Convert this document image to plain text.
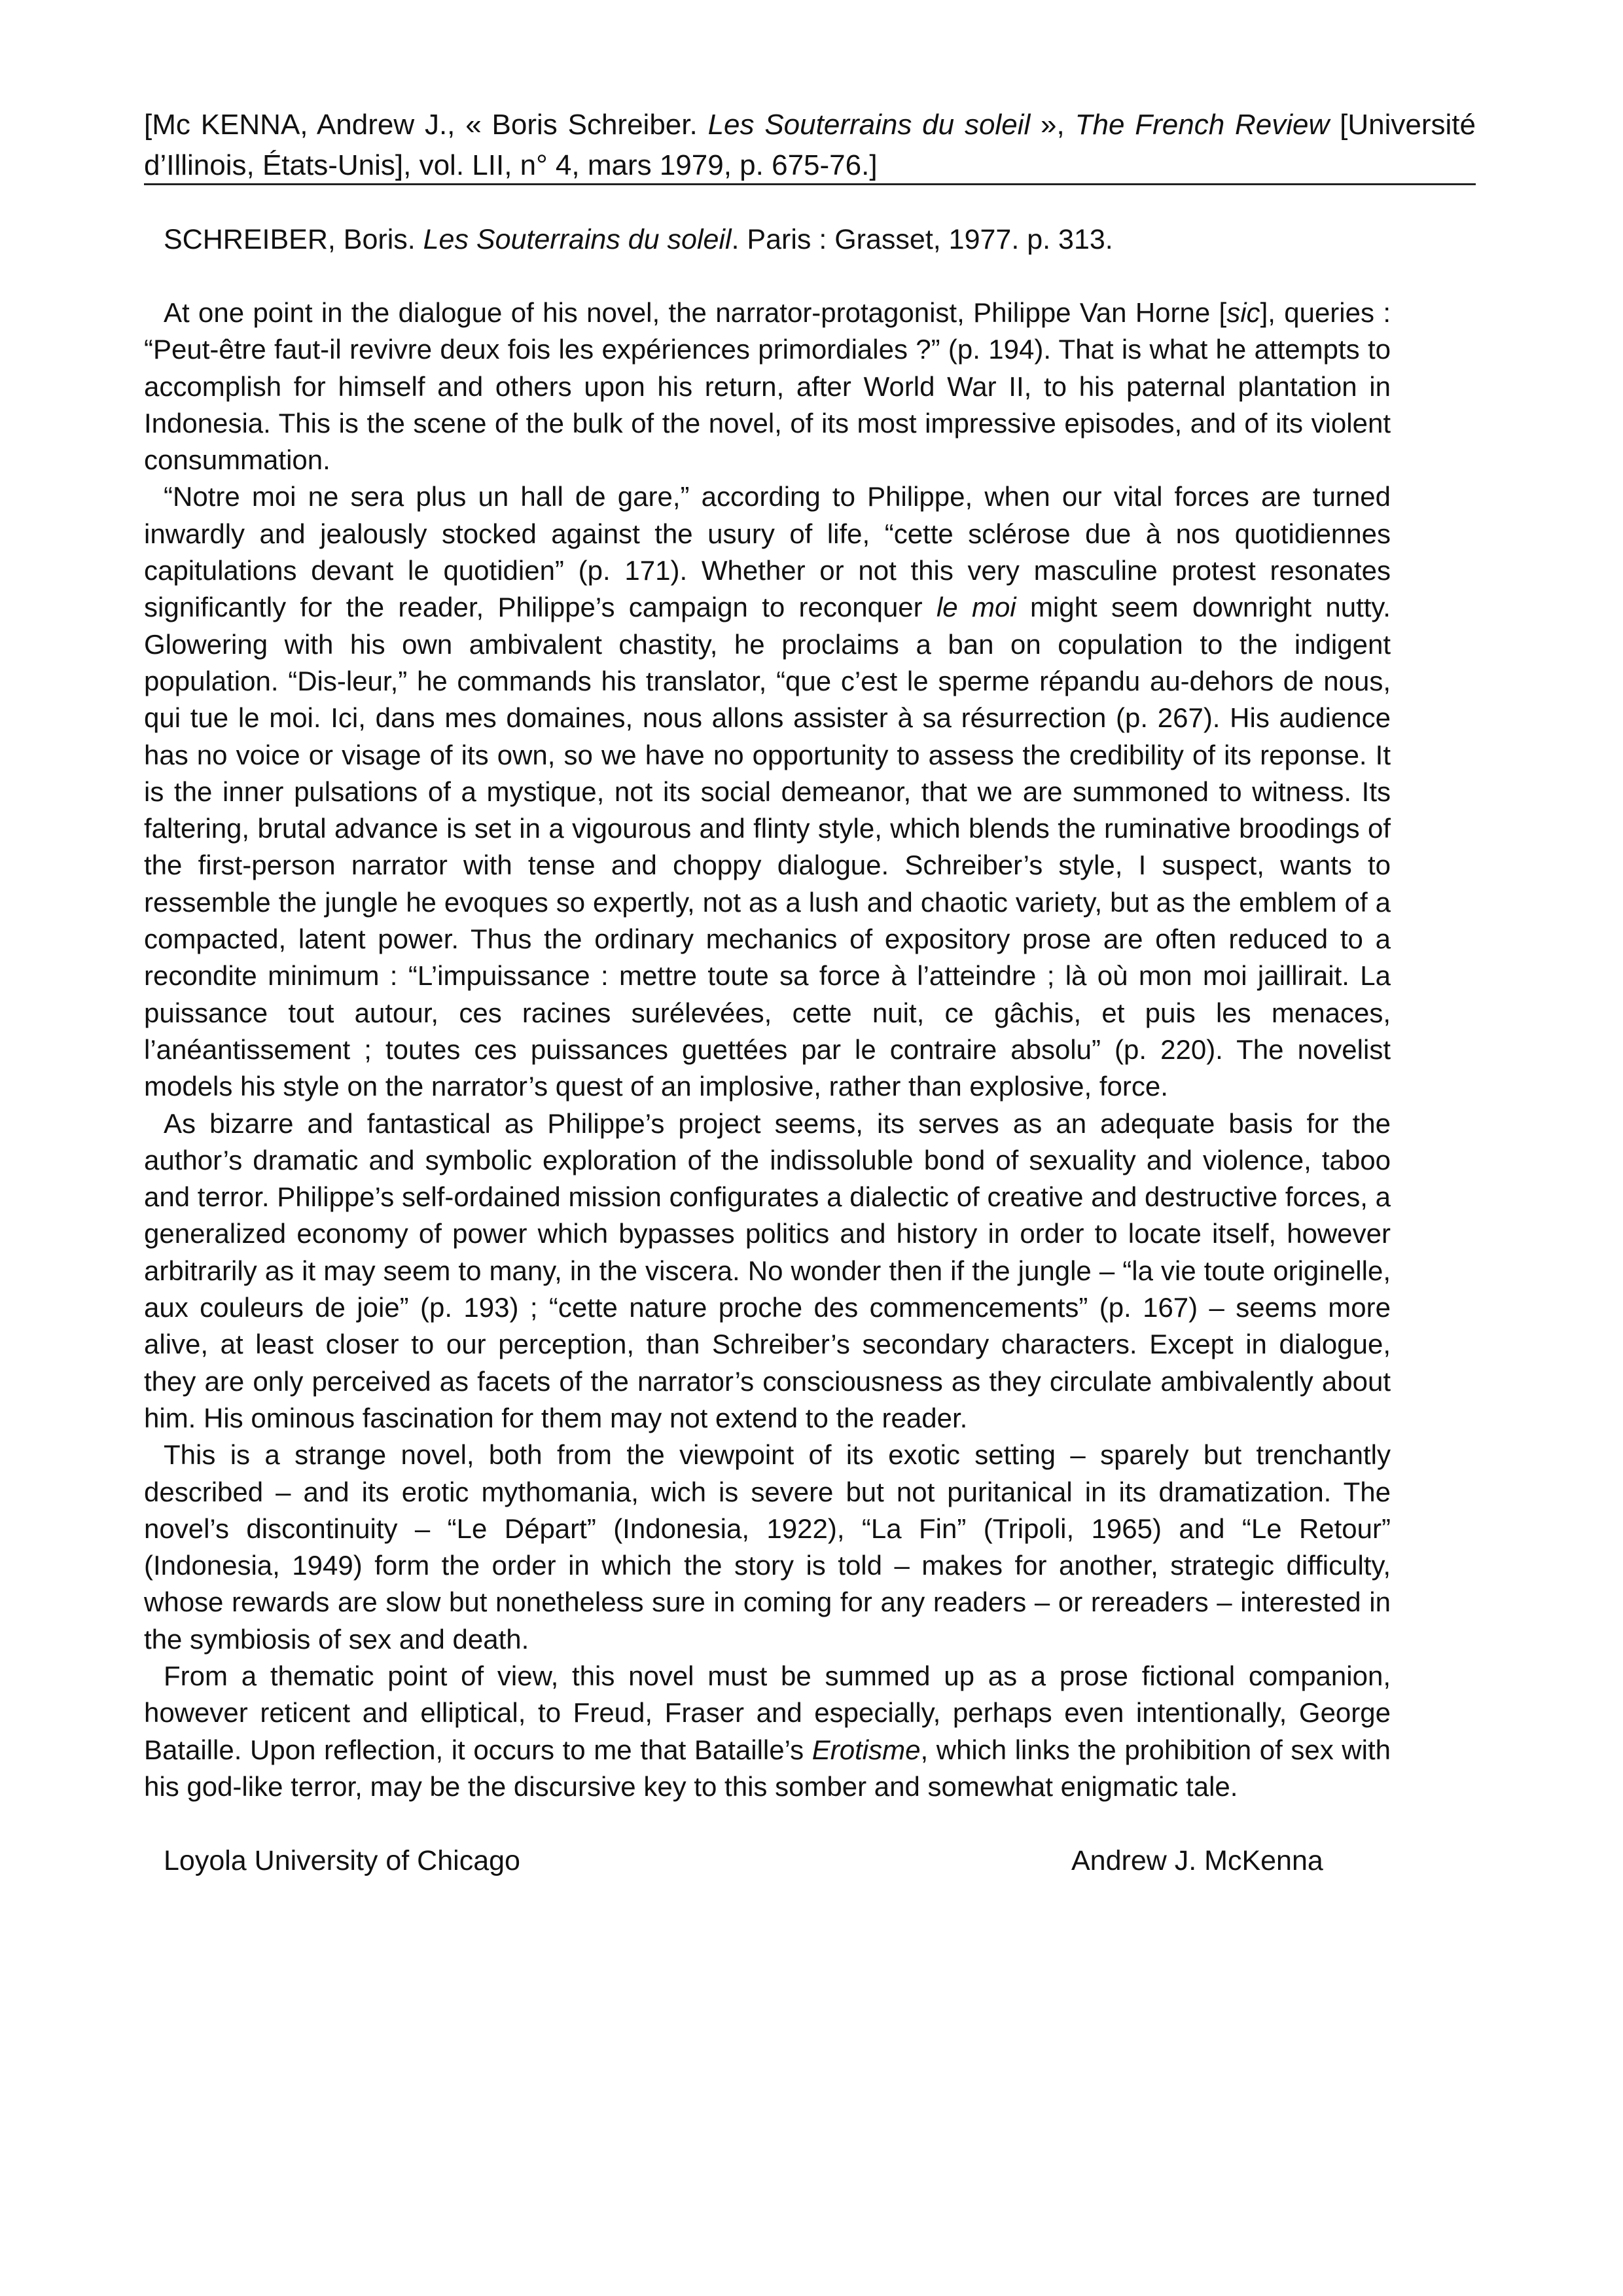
[Mc KENNA, Andrew J., « Boris Schreiber. Les Souterrains du soleil », The French Review [Université d’Illinois, États-Unis], vol. LII, n° 4, mars 1979, p. 675-76.]
SCHREIBER, Boris. Les Souterrains du soleil. Paris : Grasset, 1977. p. 313.

At one point in the dialogue of his novel, the narrator-protagonist, Philippe Van Horne [sic], queries : “Peut-être faut-il revivre deux fois les expériences primordiales ?” (p. 194). That is what he attempts to accomplish for himself and others upon his return, after World War II, to his paternal plantation in Indonesia. This is the scene of the bulk of the novel, of its most impressive episodes, and of its violent consummation.

“Notre moi ne sera plus un hall de gare,” according to Philippe, when our vital forces are turned inwardly and jealously stocked against the usury of life, “cette sclérose due à nos quotidiennes capitulations devant le quotidien” (p. 171). Whether or not this very masculine protest resonates significantly for the reader, Philippe’s campaign to reconquer le moi might seem downright nutty. Glowering with his own ambivalent chastity, he proclaims a ban on copulation to the indigent population. “Dis-leur,” he commands his translator, “que c’est le sperme répandu au-dehors de nous, qui tue le moi. Ici, dans mes domaines, nous allons assister à sa résurrection (p. 267). His audience has no voice or visage of its own, so we have no opportunity to assess the credibility of its reponse. It is the inner pulsations of a mystique, not its social demeanor, that we are summoned to witness. Its faltering, brutal advance is set in a vigourous and flinty style, which blends the ruminative broodings of the first-person narrator with tense and choppy dialogue. Schreiber’s style, I suspect, wants to ressemble the jungle he evoques so expertly, not as a lush and chaotic variety, but as the emblem of a compacted, latent power. Thus the ordinary mechanics of expository prose are often reduced to a recondite minimum : “L’impuissance : mettre toute sa force à l’atteindre ; là où mon moi jaillirait. La puissance tout autour, ces racines surélevées, cette nuit, ce gâchis, et puis les menaces, l’anéantissement ; toutes ces puissances guettées par le contraire absolu” (p. 220). The novelist models his style on the narrator’s quest of an implosive, rather than explosive, force.

As bizarre and fantastical as Philippe’s project seems, its serves as an adequate basis for the author’s dramatic and symbolic exploration of the indissoluble bond of sexuality and violence, taboo and terror. Philippe’s self-ordained mission configurates a dialectic of creative and destructive forces, a generalized economy of power which bypasses politics and history in order to locate itself, however arbitrarily as it may seem to many, in the viscera. No wonder then if the jungle – “la vie toute originelle, aux couleurs de joie” (p. 193) ; “cette nature proche des commencements” (p. 167) – seems more alive, at least closer to our perception, than Schreiber’s secondary characters. Except in dialogue, they are only perceived as facets of the narrator’s consciousness as they circulate ambivalently about him. His ominous fascination for them may not extend to the reader.

This is a strange novel, both from the viewpoint of its exotic setting – sparely but trenchantly described – and its erotic mythomania, wich is severe but not puritanical in its dramatization. The novel’s discontinuity – “Le Départ” (Indonesia, 1922), “La Fin” (Tripoli, 1965) and “Le Retour” (Indonesia, 1949) form the order in which the story is told – makes for another, strategic difficulty, whose rewards are slow but nonetheless sure in coming for any readers – or rereaders – interested in the symbiosis of sex and death.

From a thematic point of view, this novel must be summed up as a prose fictional companion, however reticent and elliptical, to Freud, Fraser and especially, perhaps even intentionally, George Bataille. Upon reflection, it occurs to me that Bataille’s Erotisme, which links the prohibition of sex with his god-like terror, may be the discursive key to this somber and somewhat enigmatic tale.

Loyola University of Chicago	Andrew J. McKenna
